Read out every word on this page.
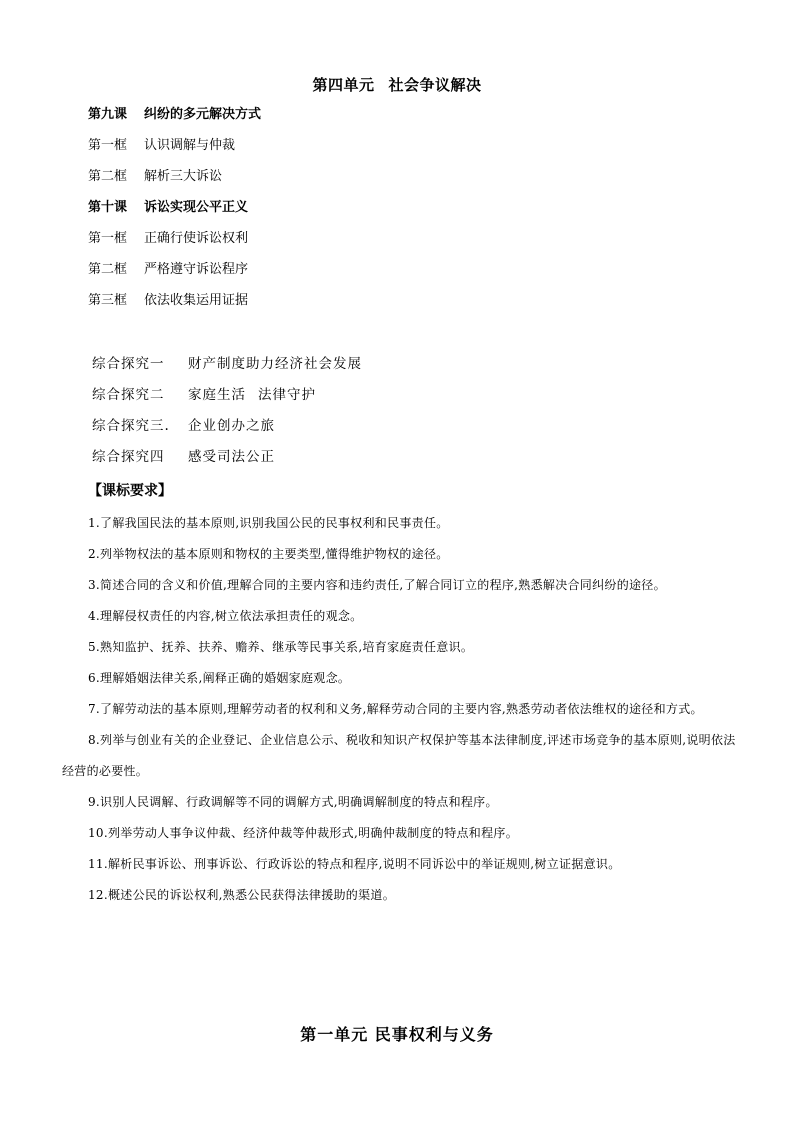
第四单元 社会争议解决
第九课 纠纷的多元解决方式
第一框 认识调解与仲裁
第二框 解析三大诉讼
第十课 诉讼实现公平正义
第一框 正确行使诉讼权利
第二框 严格遵守诉讼程序
第三框 依法收集运用证据
综合探究一 财产制度助力经济社会发展
综合探究二 家庭生活 法律守护
综合探究三. 企业创办之旅
综合探究四 感受司法公正
【课标要求】

1.了解我国民法的基本原则,识别我国公民的民事权利和民事责任。

2.列举物权法的基本原则和物权的主要类型,懂得维护物权的途径。

3.简述合同的含义和价值,理解合同的主要内容和违约责任,了解合同订立的程序,熟悉解决合同纠纷的途径。

4.理解侵权责任的内容,树立依法承担责任的观念。

5.熟知监护、抚养、扶养、赡养、继承等民事关系,培育家庭责任意识。

6.理解婚姻法律关系,阐释正确的婚姻家庭观念。

7.了解劳动法的基本原则,理解劳动者的权利和义务,解释劳动合同的主要内容,熟悉劳动者依法维权的途径和方式。

8.列举与创业有关的企业登记、企业信息公示、税收和知识产权保护等基本法律制度,评述市场竞争的基本原则,说明依法经营的必要性。

9.识别人民调解、行政调解等不同的调解方式,明确调解制度的特点和程序。

10.列举劳动人事争议仲裁、经济仲裁等仲裁形式,明确仲裁制度的特点和程序。

11.解析民事诉讼、刑事诉讼、行政诉讼的特点和程序,说明不同诉讼中的举证规则,树立证据意识。

12.概述公民的诉讼权利,熟悉公民获得法律援助的渠道。

第一单元 民事权利与义务
